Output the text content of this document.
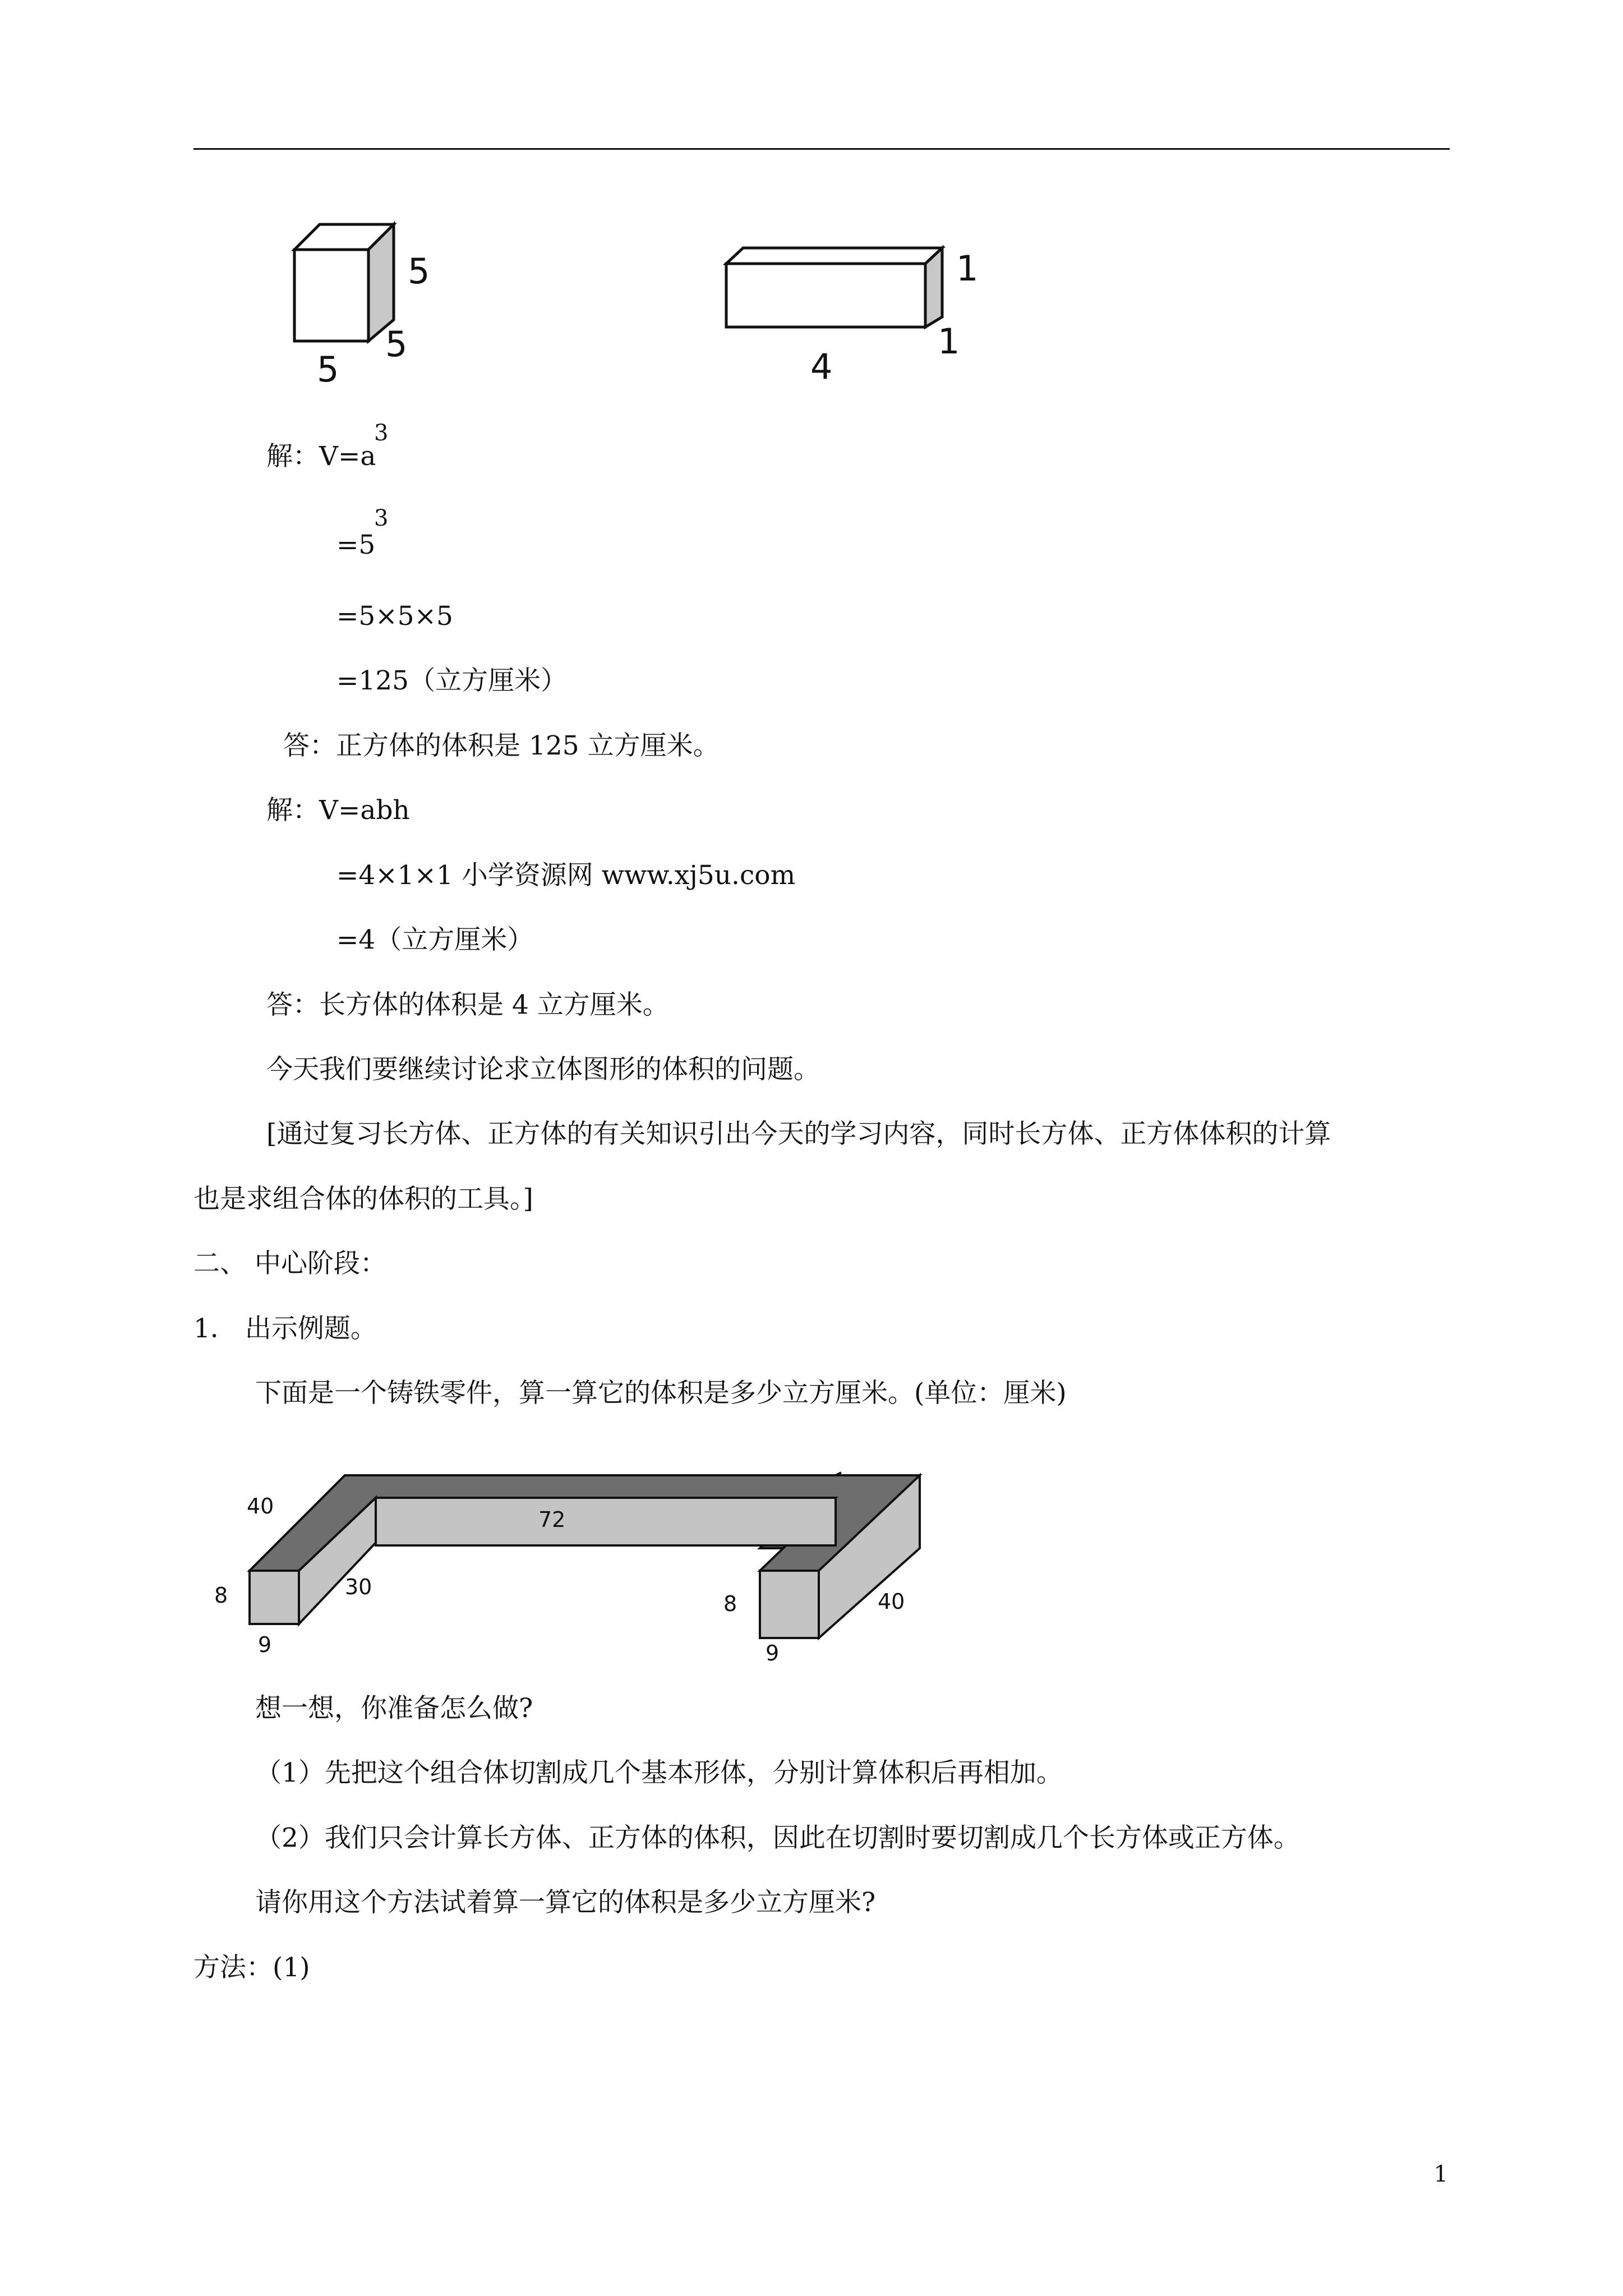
5
5
5
1
1
4
解：V=a
3
=5
3
=5×5×5
=125（立方厘米）
答：正方体的体积是 125 立方厘米。
解：V=abh
=4×1×1 小学资源网 www.xj5u.com
=4（立方厘米）
答：长方体的体积是 4 立方厘米。
今天我们要继续讨论求立体图形的体积的问题。
[通过复习长方体、正方体的有关知识引出今天的学习内容，同时长方体、正方体体积的计算
也是求组合体的体积的工具。]
二、 中心阶段：
1． 出示例题。
下面是一个铸铁零件，算一算它的体积是多少立方厘米。(单位：厘米)
72
40
30
8
9
8	40
9
想一想，你准备怎么做?
（1）先把这个组合体切割成几个基本形体，分别计算体积后再相加。
（2）我们只会计算长方体、正方体的体积，因此在切割时要切割成几个长方体或正方体。
请你用这个方法试着算一算它的体积是多少立方厘米?
方法：(1)
1
